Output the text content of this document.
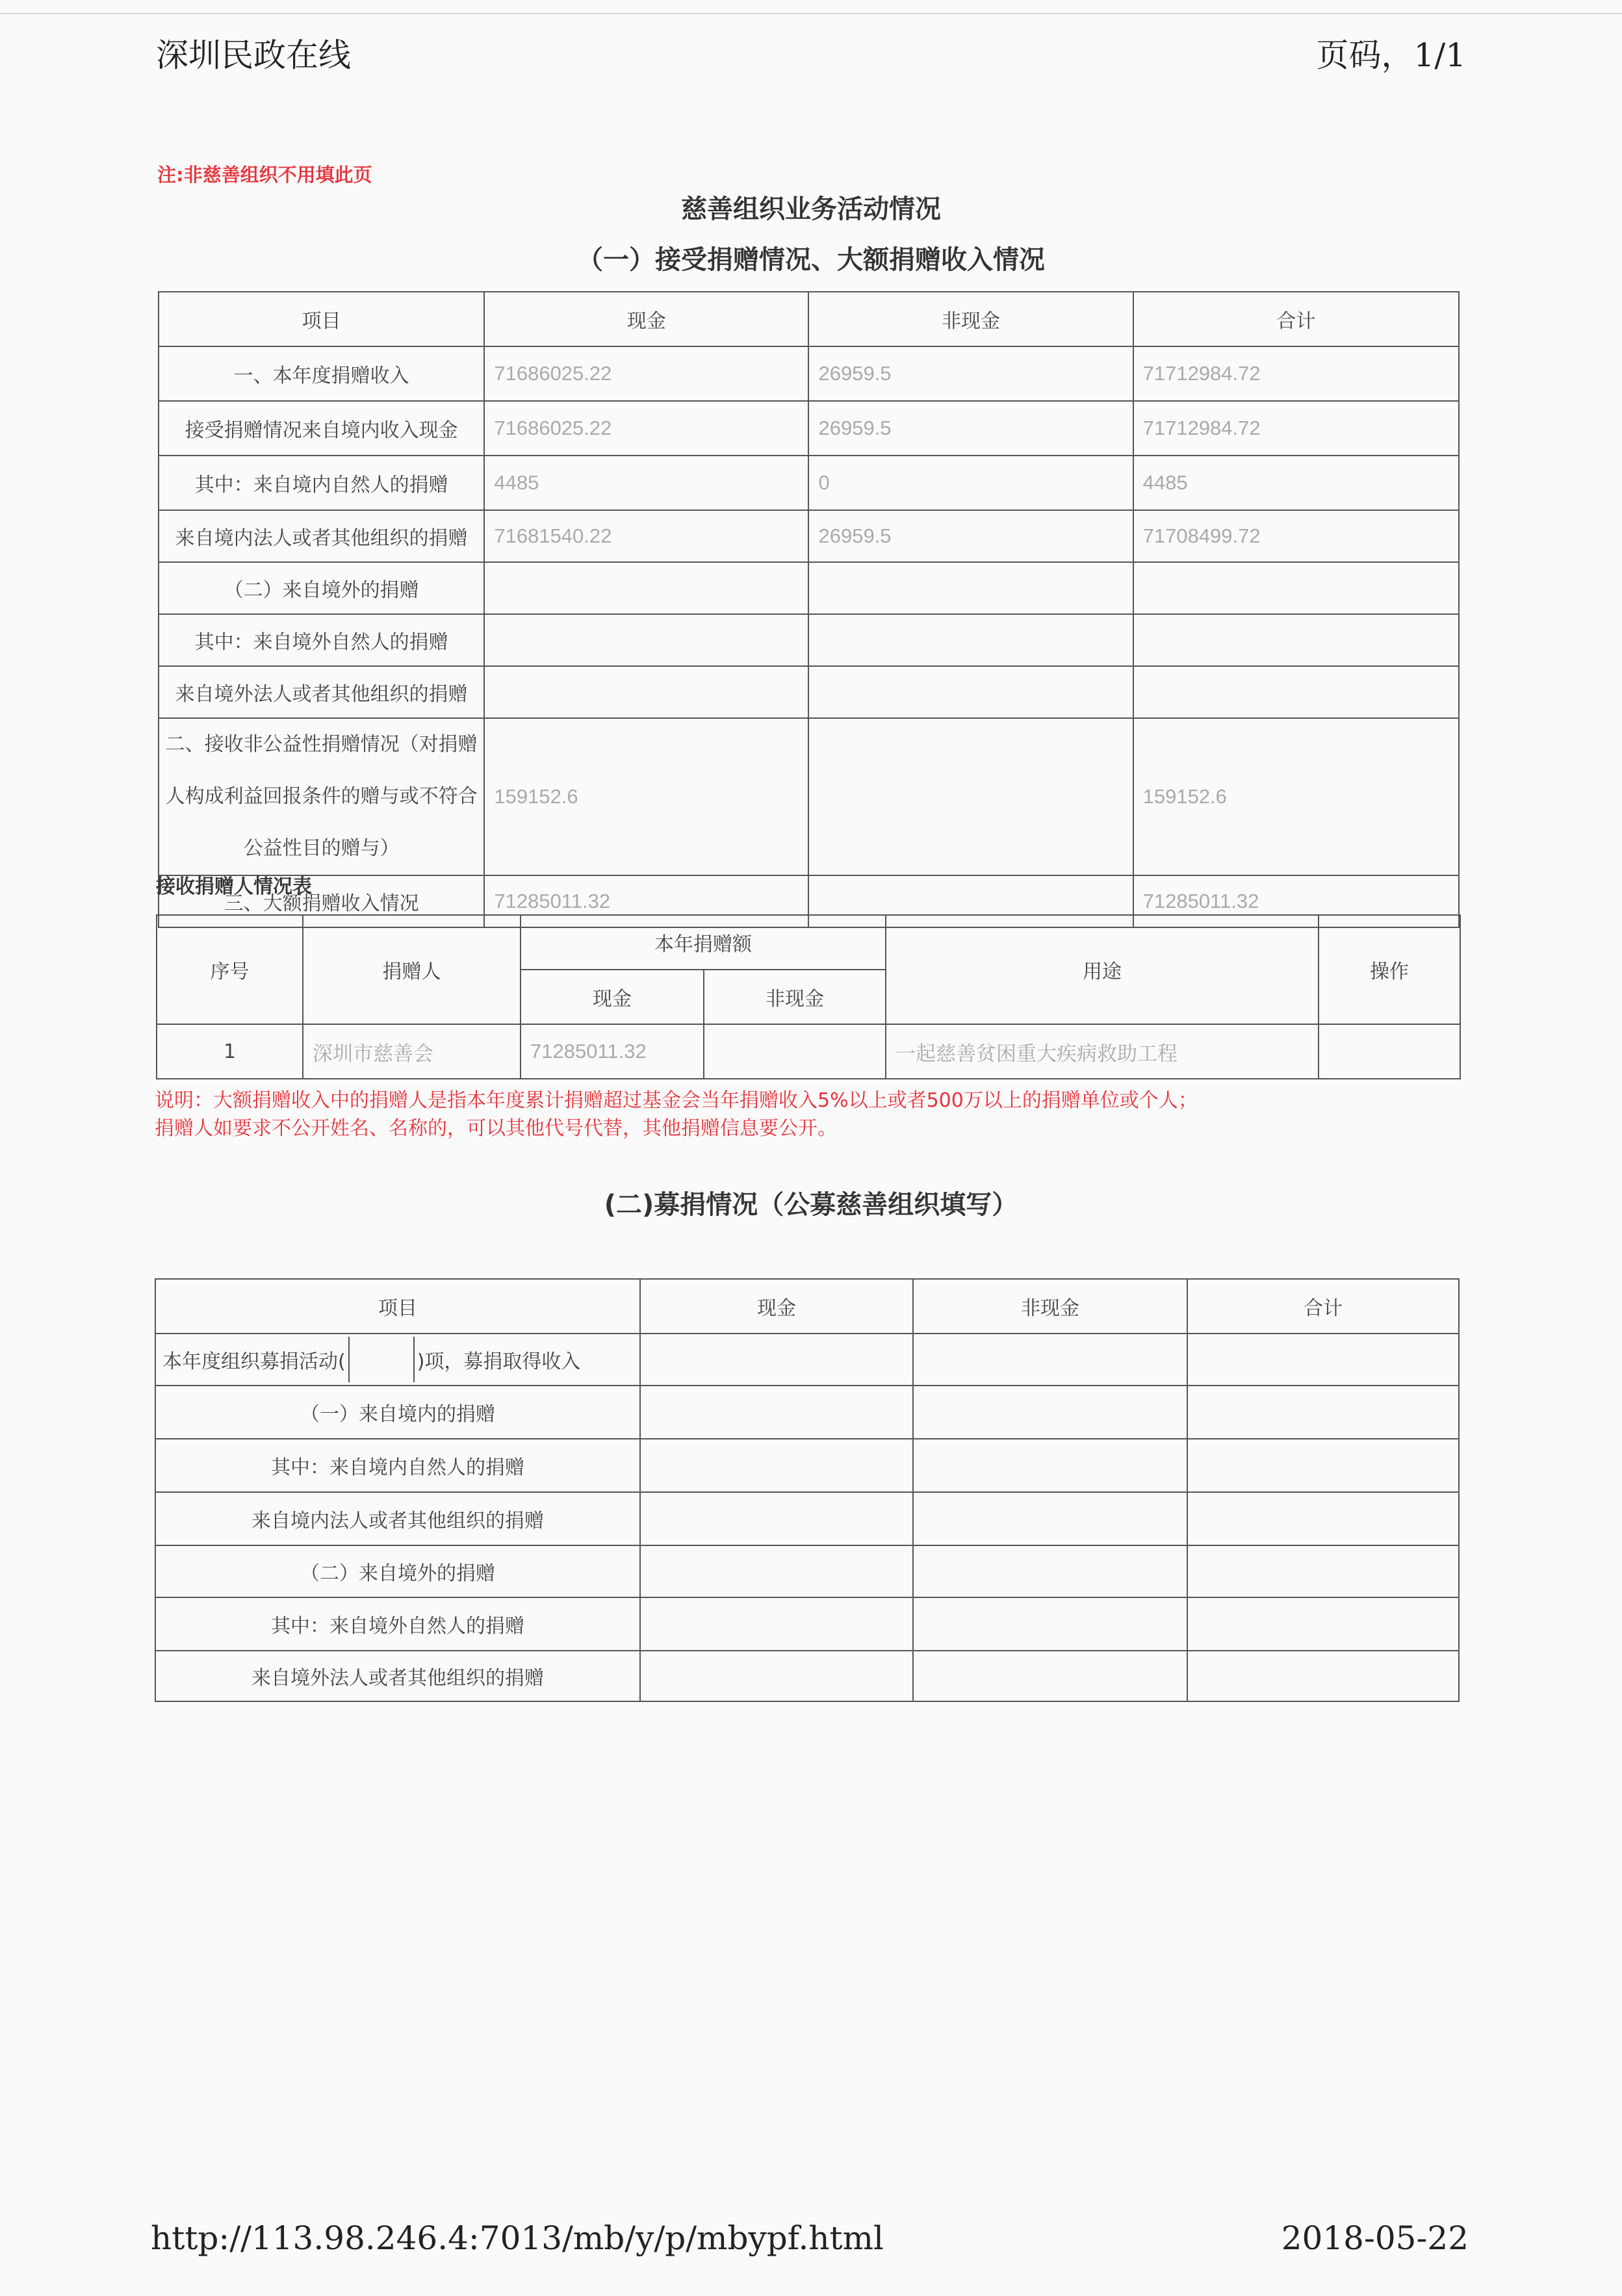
深圳民政在线	页码，1/1
注:非慈善组织不用填此页
慈善组织业务活动情况
（一）接受捐赠情况、大额捐赠收入情况
项目	现金	非现金	合计
一、本年度捐赠收入	71686025.22	26959.5	71712984.72
接受捐赠情况来自境内收入现金	71686025.22	26959.5	71712984.72
其中：来自境内自然人的捐赠	4485	0	4485
来自境内法人或者其他组织的捐赠	71681540.22	26959.5	71708499.72
（二）来自境外的捐赠			
其中：来自境外自然人的捐赠			
来自境外法人或者其他组织的捐赠			
二、接收非公益性捐赠情况（对捐赠人构成利益回报条件的赠与或不符合公益性目的赠与）	159152.6		159152.6
三、大额捐赠收入情况	71285011.32		71285011.32
接收捐赠人情况表
序号	捐赠人	本年捐赠额		用途	操作
		现金	非现金		
1	深圳市慈善会	71285011.32		一起慈善贫困重大疾病救助工程	
说明：大额捐赠收入中的捐赠人是指本年度累计捐赠超过基金会当年捐赠收入5%以上或者500万以上的捐赠单位或个人；
捐赠人如要求不公开姓名、名称的，可以其他代号代替，其他捐赠信息要公开。
(二)募捐情况（公募慈善组织填写）
项目	现金	非现金	合计
本年度组织募捐活动( )项，募捐取得收入			
（一）来自境内的捐赠			
其中：来自境内自然人的捐赠			
来自境内法人或者其他组织的捐赠			
（二）来自境外的捐赠			
其中：来自境外自然人的捐赠			
来自境外法人或者其他组织的捐赠			
http://113.98.246.4:7013/mb/y/p/mbypf.html	2018-05-22
